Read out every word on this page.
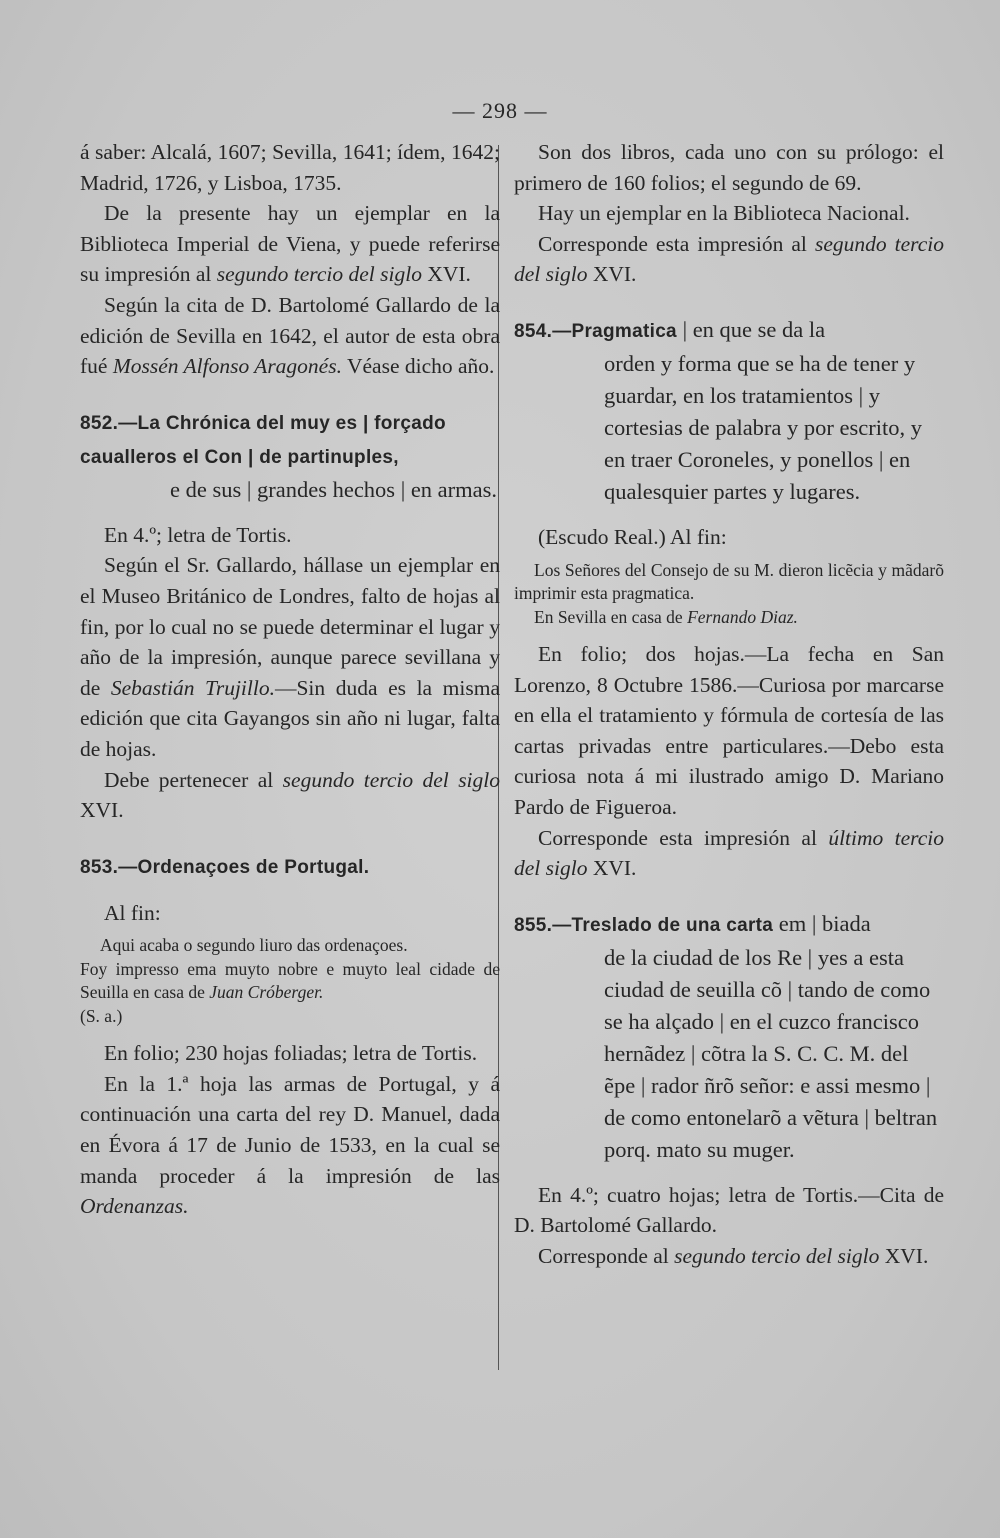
— 298 —

á saber: Alcalá, 1607; Sevilla, 1641; ídem, 1642; Madrid, 1726, y Lisboa, 1735.

De la presente hay un ejemplar en la Biblioteca Imperial de Viena, y puede referirse su impresión al segundo tercio del siglo XVI.

Según la cita de D. Bartolomé Gallardo de la edición de Sevilla en 1642, el autor de esta obra fué Mossén Alfonso Aragonés. Véase dicho año.

852.—La Chrónica del muy es | forçado caualleros el Con | de partinuples,
e de sus | grandes hechos | en armas.

En 4.º; letra de Tortis.

Según el Sr. Gallardo, hállase un ejemplar en el Museo Británico de Londres, falto de hojas al fin, por lo cual no se puede determinar el lugar y año de la impresión, aunque parece sevillana y de Sebastián Trujillo.—Sin duda es la misma edición que cita Gayangos sin año ni lugar, falta de hojas.

Debe pertenecer al segundo tercio del siglo XVI.

853.—Ordenaçoes de Portugal.

Al fin:

Aqui acaba o segundo liuro das ordenaçoes.

Foy impresso ema muyto nobre e muyto leal cidade de Seuilla en casa de Juan Cróberger.

(S. a.)

En folio; 230 hojas foliadas; letra de Tortis.

En la 1.ª hoja las armas de Portugal, y á continuación una carta del rey D. Manuel, dada en Évora á 17 de Junio de 1533, en la cual se manda proceder á la impresión de las Ordenanzas.

Son dos libros, cada uno con su prólogo: el primero de 160 folios; el segundo de 69.

Hay un ejemplar en la Biblioteca Nacional.

Corresponde esta impresión al segundo tercio del siglo XVI.

854.—Pragmatica | en que se da la
orden y forma que se ha de tener y guardar, en los tratamientos | y cortesias de palabra y por escrito, y en traer Coroneles, y ponellos | en qualesquier partes y lugares.

(Escudo Real.) Al fin:

Los Señores del Consejo de su M. dieron licẽcia y mãdarõ imprimir esta pragmatica.

En Sevilla en casa de Fernando Diaz.

En folio; dos hojas.—La fecha en San Lorenzo, 8 Octubre 1586.—Curiosa por marcarse en ella el tratamiento y fórmula de cortesía de las cartas privadas entre particulares.—Debo esta curiosa nota á mi ilustrado amigo D. Mariano Pardo de Figueroa.

Corresponde esta impresión al último tercio del siglo XVI.

855.—Treslado de una carta em | biada
de la ciudad de los Re | yes a esta ciudad de seuilla cõ | tando de como se ha alçado | en el cuzco francisco hernãdez | cõtra la S. C. C. M. del ẽpe | rador ñrõ señor: e assi mesmo | de como entonelarõ a vẽtura | beltran porq. mato su muger.

En 4.º; cuatro hojas; letra de Tortis.—Cita de D. Bartolomé Gallardo.

Corresponde al segundo tercio del siglo XVI.
